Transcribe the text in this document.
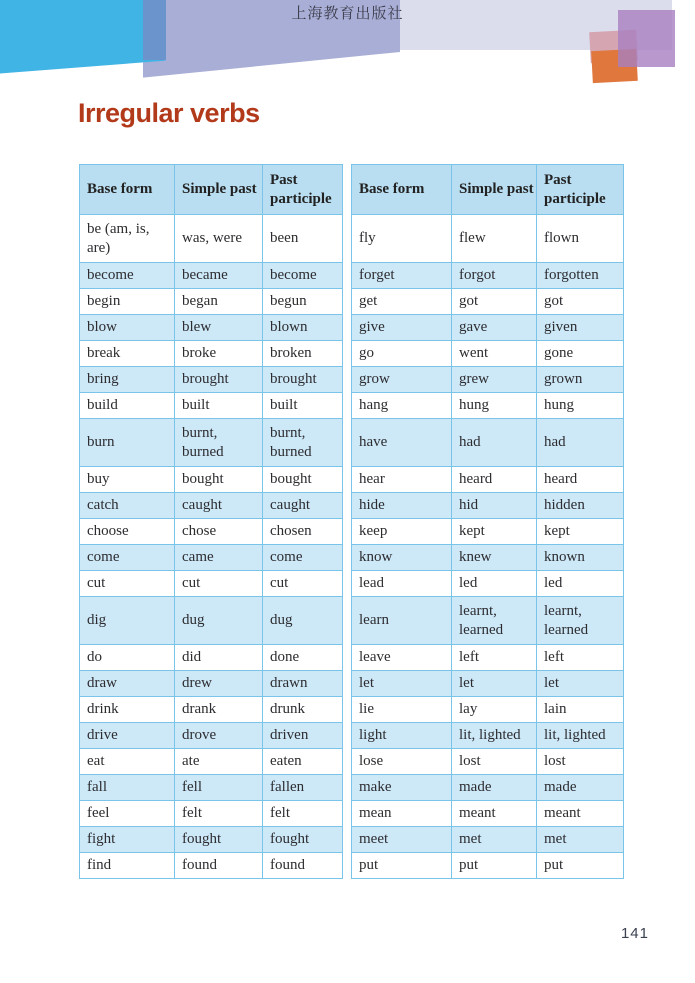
上海教育出版社
Irregular verbs
Base form	Simple past	Past participle
be (am, is, are)	was, were	been
become	became	become
begin	began	begun
blow	blew	blown
break	broke	broken
bring	brought	brought
build	built	built
burn	burnt, burned	burnt, burned
buy	bought	bought
catch	caught	caught
choose	chose	chosen
come	came	come
cut	cut	cut
dig	dug	dug
do	did	done
draw	drew	drawn
drink	drank	drunk
drive	drove	driven
eat	ate	eaten
fall	fell	fallen
feel	felt	felt
fight	fought	fought
find	found	found
Base form	Simple past	Past participle
fly	flew	flown
forget	forgot	forgotten
get	got	got
give	gave	given
go	went	gone
grow	grew	grown
hang	hung	hung
have	had	had
hear	heard	heard
hide	hid	hidden
keep	kept	kept
know	knew	known
lead	led	led
learn	learnt, learned	learnt, learned
leave	left	left
let	let	let
lie	lay	lain
light	lit, lighted	lit, lighted
lose	lost	lost
make	made	made
mean	meant	meant
meet	met	met
put	put	put
141
